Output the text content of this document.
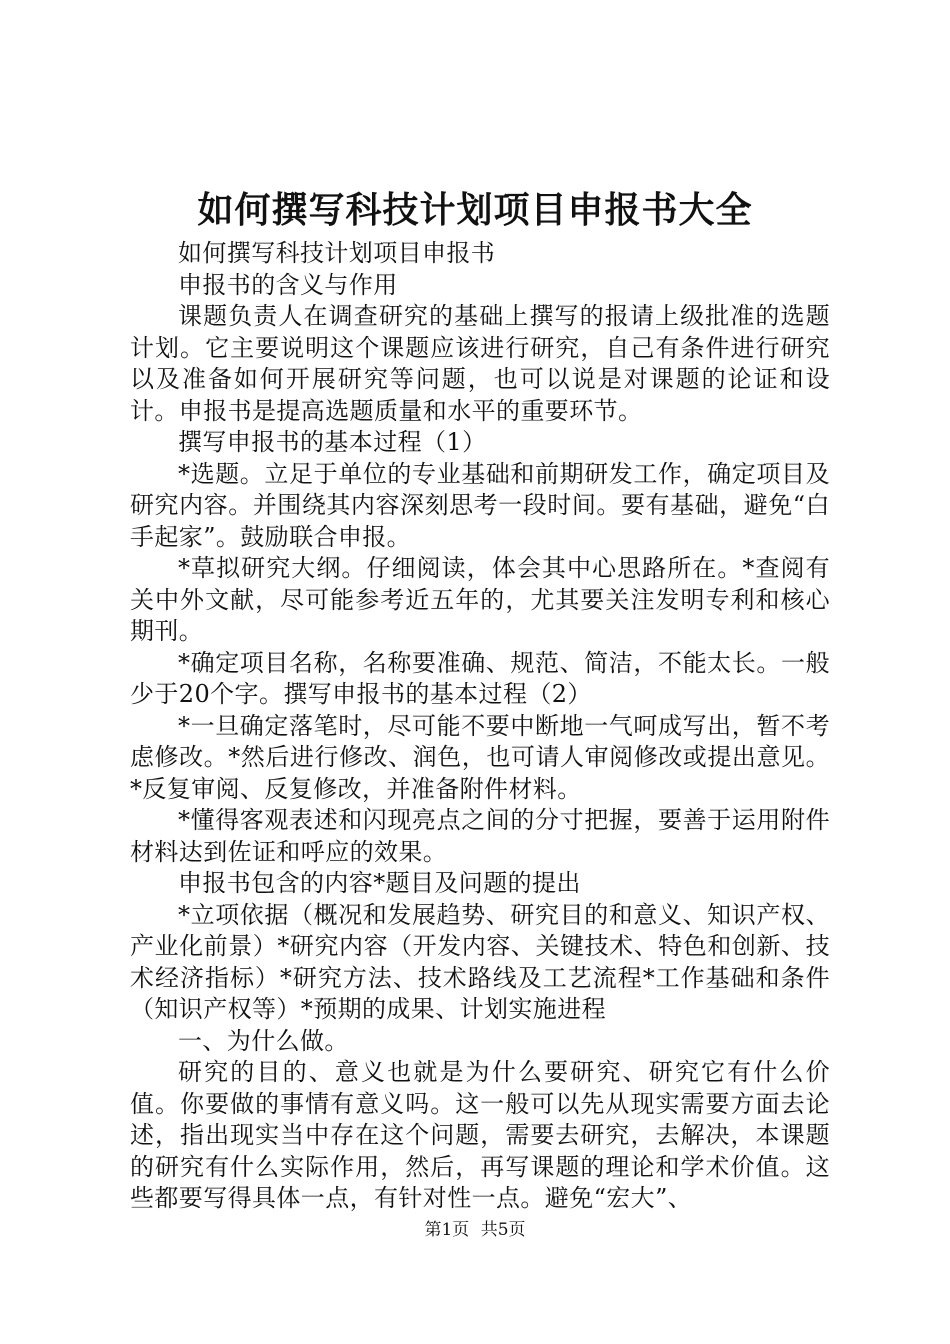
如何撰写科技计划项目申报书大全

如何撰写科技计划项目申报书

申报书的含义与作用

课题负责人在调查研究的基础上撰写的报请上级批准的选题计划。它主要说明这个课题应该进行研究，自己有条件进行研究以及准备如何开展研究等问题，也可以说是对课题的论证和设计。申报书是提高选题质量和水平的重要环节。

撰写申报书的基本过程（1）

*选题。立足于单位的专业基础和前期研发工作，确定项目及研究内容。并围绕其内容深刻思考一段时间。要有基础，避免“白手起家”。鼓励联合申报。

*草拟研究大纲。仔细阅读，体会其中心思路所在。*查阅有关中外文献，尽可能参考近五年的，尤其要关注发明专利和核心期刊。

*确定项目名称，名称要准确、规范、简洁，不能太长。一般少于20个字。撰写申报书的基本过程（2）

*一旦确定落笔时，尽可能不要中断地一气呵成写出，暂不考虑修改。*然后进行修改、润色，也可请人审阅修改或提出意见。*反复审阅、反复修改，并准备附件材料。

*懂得客观表述和闪现亮点之间的分寸把握，要善于运用附件材料达到佐证和呼应的效果。

申报书包含的内容*题目及问题的提出

*立项依据（概况和发展趋势、研究目的和意义、知识产权、产业化前景）*研究内容（开发内容、关键技术、特色和创新、技术经济指标）*研究方法、技术路线及工艺流程*工作基础和条件（知识产权等）*预期的成果、计划实施进程

一、为什么做。

研究的目的、意义也就是为什么要研究、研究它有什么价值。你要做的事情有意义吗。这一般可以先从现实需要方面去论述，指出现实当中存在这个问题，需要去研究，去解决，本课题的研究有什么实际作用，然后，再写课题的理论和学术价值。这些都要写得具体一点，有针对性一点。避免“宏大”、

第1页 共5页
